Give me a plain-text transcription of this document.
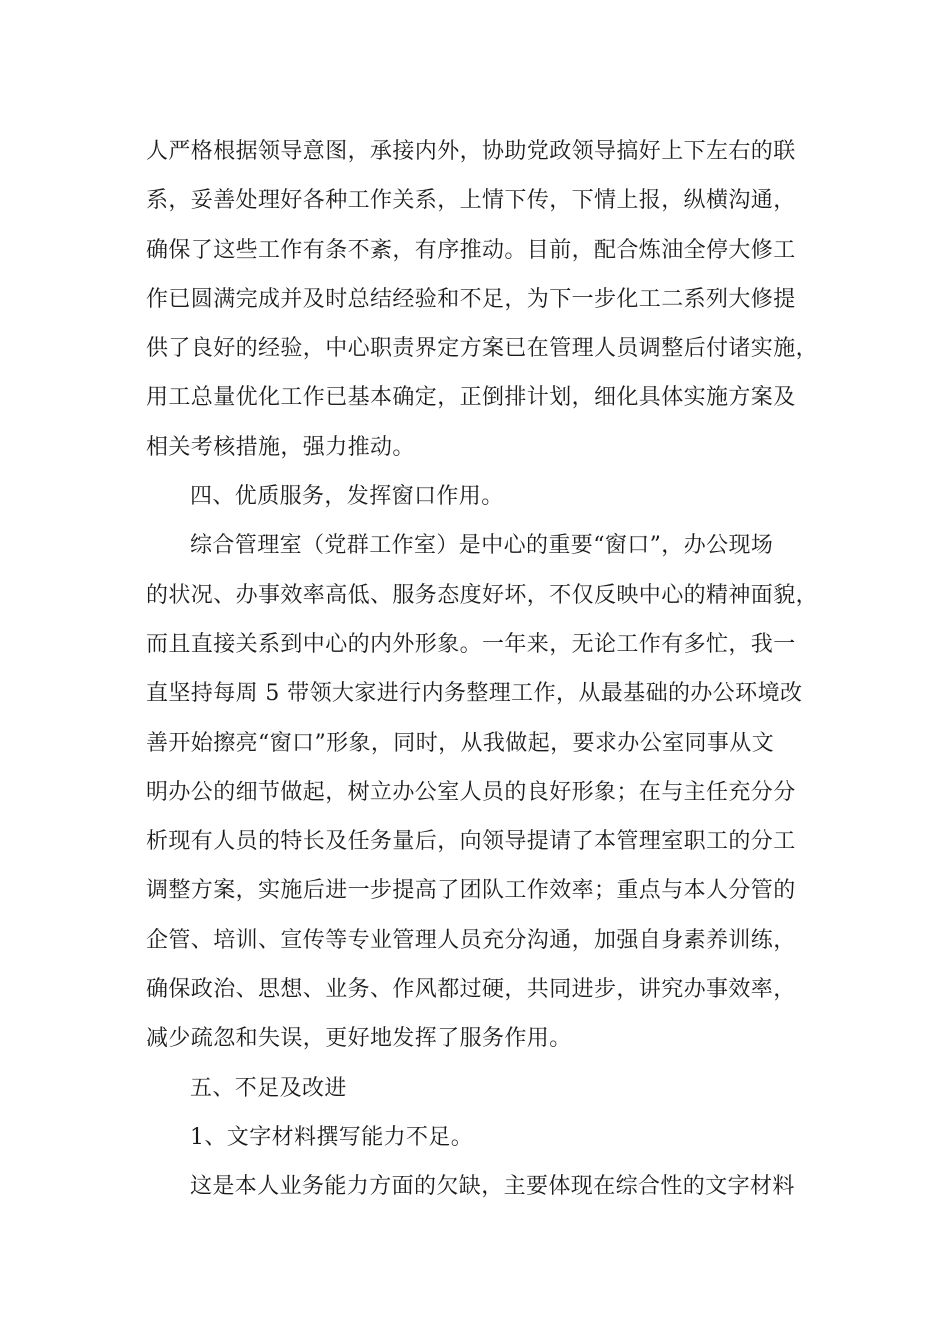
人严格根据领导意图，承接内外，协助党政领导搞好上下左右的联
系，妥善处理好各种工作关系，上情下传，下情上报，纵横沟通，
确保了这些工作有条不紊，有序推动。目前，配合炼油全停大修工
作已圆满完成并及时总结经验和不足，为下一步化工二系列大修提
供了良好的经验，中心职责界定方案已在管理人员调整后付诸实施，
用工总量优化工作已基本确定，正倒排计划，细化具体实施方案及
相关考核措施，强力推动。
四、优质服务，发挥窗口作用。
综合管理室（党群工作室）是中心的重要“窗口”，办公现场
的状况、办事效率高低、服务态度好坏，不仅反映中心的精神面貌，
而且直接关系到中心的内外形象。一年来，无论工作有多忙，我一
直坚持每周 5 带领大家进行内务整理工作，从最基础的办公环境改
善开始擦亮“窗口”形象，同时，从我做起，要求办公室同事从文
明办公的细节做起，树立办公室人员的良好形象；在与主任充分分
析现有人员的特长及任务量后，向领导提请了本管理室职工的分工
调整方案，实施后进一步提高了团队工作效率；重点与本人分管的
企管、培训、宣传等专业管理人员充分沟通，加强自身素养训练，
确保政治、思想、业务、作风都过硬，共同进步，讲究办事效率，
减少疏忽和失误，更好地发挥了服务作用。
五、不足及改进
1、文字材料撰写能力不足。
这是本人业务能力方面的欠缺，主要体现在综合性的文字材料
